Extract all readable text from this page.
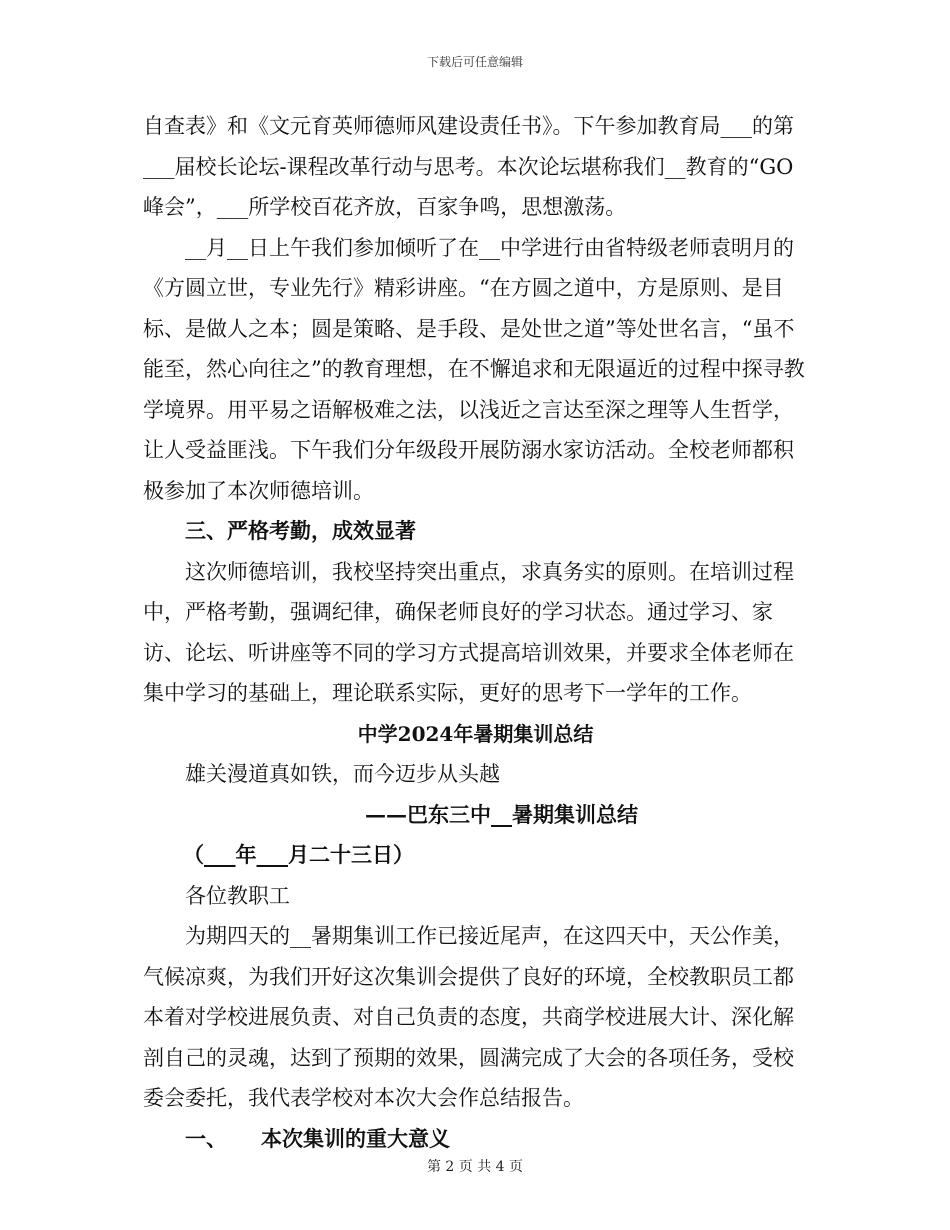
下载后可任意编辑

自查表》和《文元育英师德师风建设责任书》。下午参加教育局___的第___届校长论坛-课程改革行动与思考。本次论坛堪称我们__教育的“GO峰会”，___所学校百花齐放，百家争鸣，思想激荡。

__月__日上午我们参加倾听了在__中学进行由省特级老师袁明月的《方圆立世，专业先行》精彩讲座。“在方圆之道中，方是原则、是目标、是做人之本；圆是策略、是手段、是处世之道”等处世名言，“虽不能至，然心向往之”的教育理想，在不懈追求和无限逼近的过程中探寻教学境界。用平易之语解极难之法，以浅近之言达至深之理等人生哲学，让人受益匪浅。下午我们分年级段开展防溺水家访活动。全校老师都积极参加了本次师德培训。

三、严格考勤，成效显著

这次师德培训，我校坚持突出重点，求真务实的原则。在培训过程中，严格考勤，强调纪律，确保老师良好的学习状态。通过学习、家访、论坛、听讲座等不同的学习方式提高培训效果，并要求全体老师在集中学习的基础上，理论联系实际，更好的思考下一学年的工作。

中学2024年暑期集训总结

雄关漫道真如铁，而今迈步从头越

——巴东三中__暑期集训总结

（___年___月二十三日）

各位教职工

为期四天的__暑期集训工作已接近尾声，在这四天中，天公作美，气候凉爽，为我们开好这次集训会提供了良好的环境，全校教职员工都本着对学校进展负责、对自己负责的态度，共商学校进展大计、深化解剖自己的灵魂，达到了预期的效果，圆满完成了大会的各项任务，受校委会委托，我代表学校对本次大会作总结报告。

一、 本次集训的重大意义

第 2 页 共 4 页
